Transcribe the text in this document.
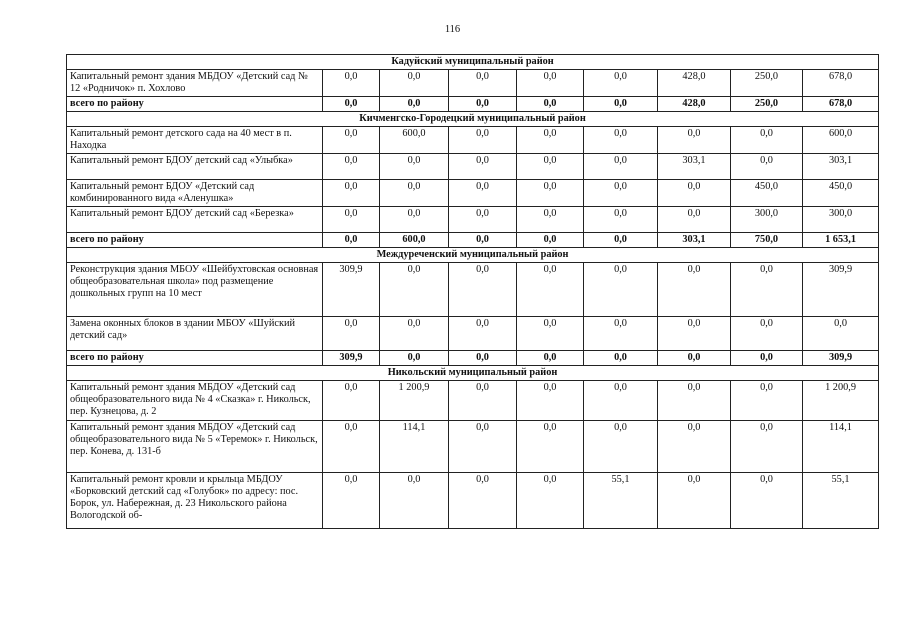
116
Кадуйский муниципальный район								
Капитальный ремонт здания МБДОУ «Детский сад № 12 «Родничок» п. Хохлово	0,0	0,0	0,0	0,0	0,0	428,0	250,0	678,0
всего по району	0,0	0,0	0,0	0,0	0,0	428,0	250,0	678,0
Кичменгско-Городецкий муниципальный район								
Капитальный ремонт детского сада на 40 мест в п. Находка	0,0	600,0	0,0	0,0	0,0	0,0	0,0	600,0
Капитальный ремонт БДОУ детский сад «Улыбка»	0,0	0,0	0,0	0,0	0,0	303,1	0,0	303,1
Капитальный ремонт БДОУ «Детский сад комбинированного вида «Аленушка»	0,0	0,0	0,0	0,0	0,0	0,0	450,0	450,0
Капитальный ремонт БДОУ детский сад «Березка»	0,0	0,0	0,0	0,0	0,0	0,0	300,0	300,0
всего по району	0,0	600,0	0,0	0,0	0,0	303,1	750,0	1 653,1
Междуреченский муниципальный район								
Реконструкция здания МБОУ «Шейбухтовская основная общеобразовательная школа» под размещение дошкольных групп на 10 мест	309,9	0,0	0,0	0,0	0,0	0,0	0,0	309,9
Замена оконных блоков в здании МБОУ «Шуйский детский сад»	0,0	0,0	0,0	0,0	0,0	0,0	0,0	0,0
всего по району	309,9	0,0	0,0	0,0	0,0	0,0	0,0	309,9
Никольский муниципальный район								
Капитальный ремонт здания МБДОУ «Детский сад общеобразовательного вида № 4 «Сказка» г. Никольск, пер. Кузнецова, д. 2	0,0	1 200,9	0,0	0,0	0,0	0,0	0,0	1 200,9
Капитальный ремонт здания МБДОУ «Детский сад общеобразовательного вида № 5 «Теремок» г. Никольск, пер. Конева, д. 131-б	0,0	114,1	0,0	0,0	0,0	0,0	0,0	114,1
Капитальный ремонт кровли и крыльца МБДОУ «Борковский детский сад «Голубок» по адресу: пос. Борок, ул. Набережная, д. 23 Никольского района Вологодской об-	0,0	0,0	0,0	0,0	55,1	0,0	0,0	55,1
